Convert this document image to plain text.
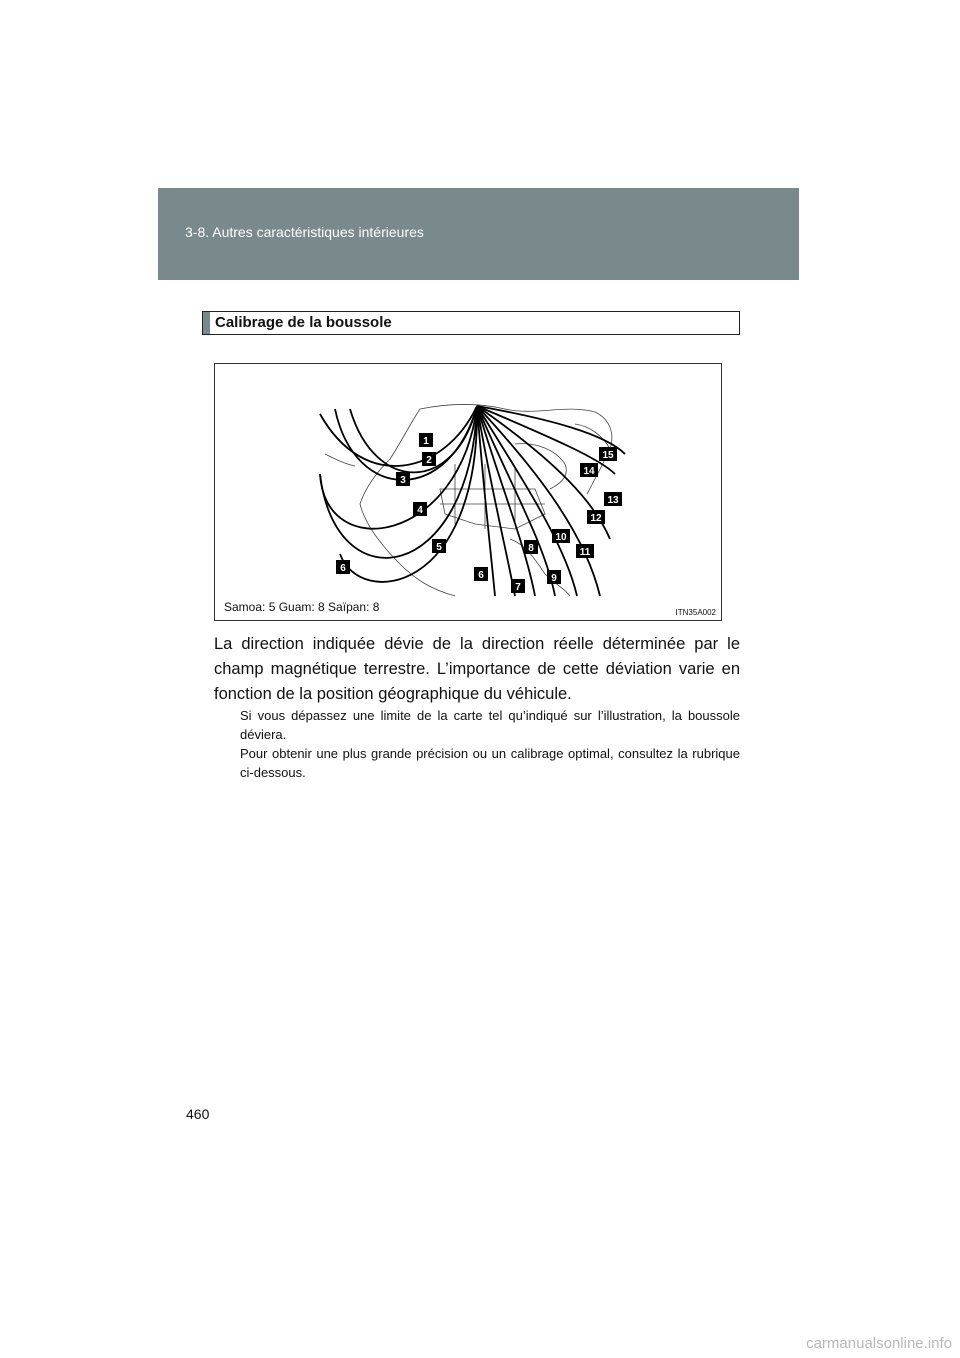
3-8. Autres caractéristiques intérieures
Calibrage de la boussole
1
2
3
4
5
6
6
7
8
9
10
11
12
13
14
15
Samoa: 5 Guam: 8 Saïpan: 8	ITN35A002
La direction indiquée dévie de la direction réelle déterminée par le champ magnétique terrestre. L’importance de cette déviation varie en fonction de la position géographique du véhicule.
Si vous dépassez une limite de la carte tel qu’indiqué sur l’illustration, la boussole déviera.
Pour obtenir une plus grande précision ou un calibrage optimal, consultez la rubrique ci-dessous.
460
carmanualsonline.info
